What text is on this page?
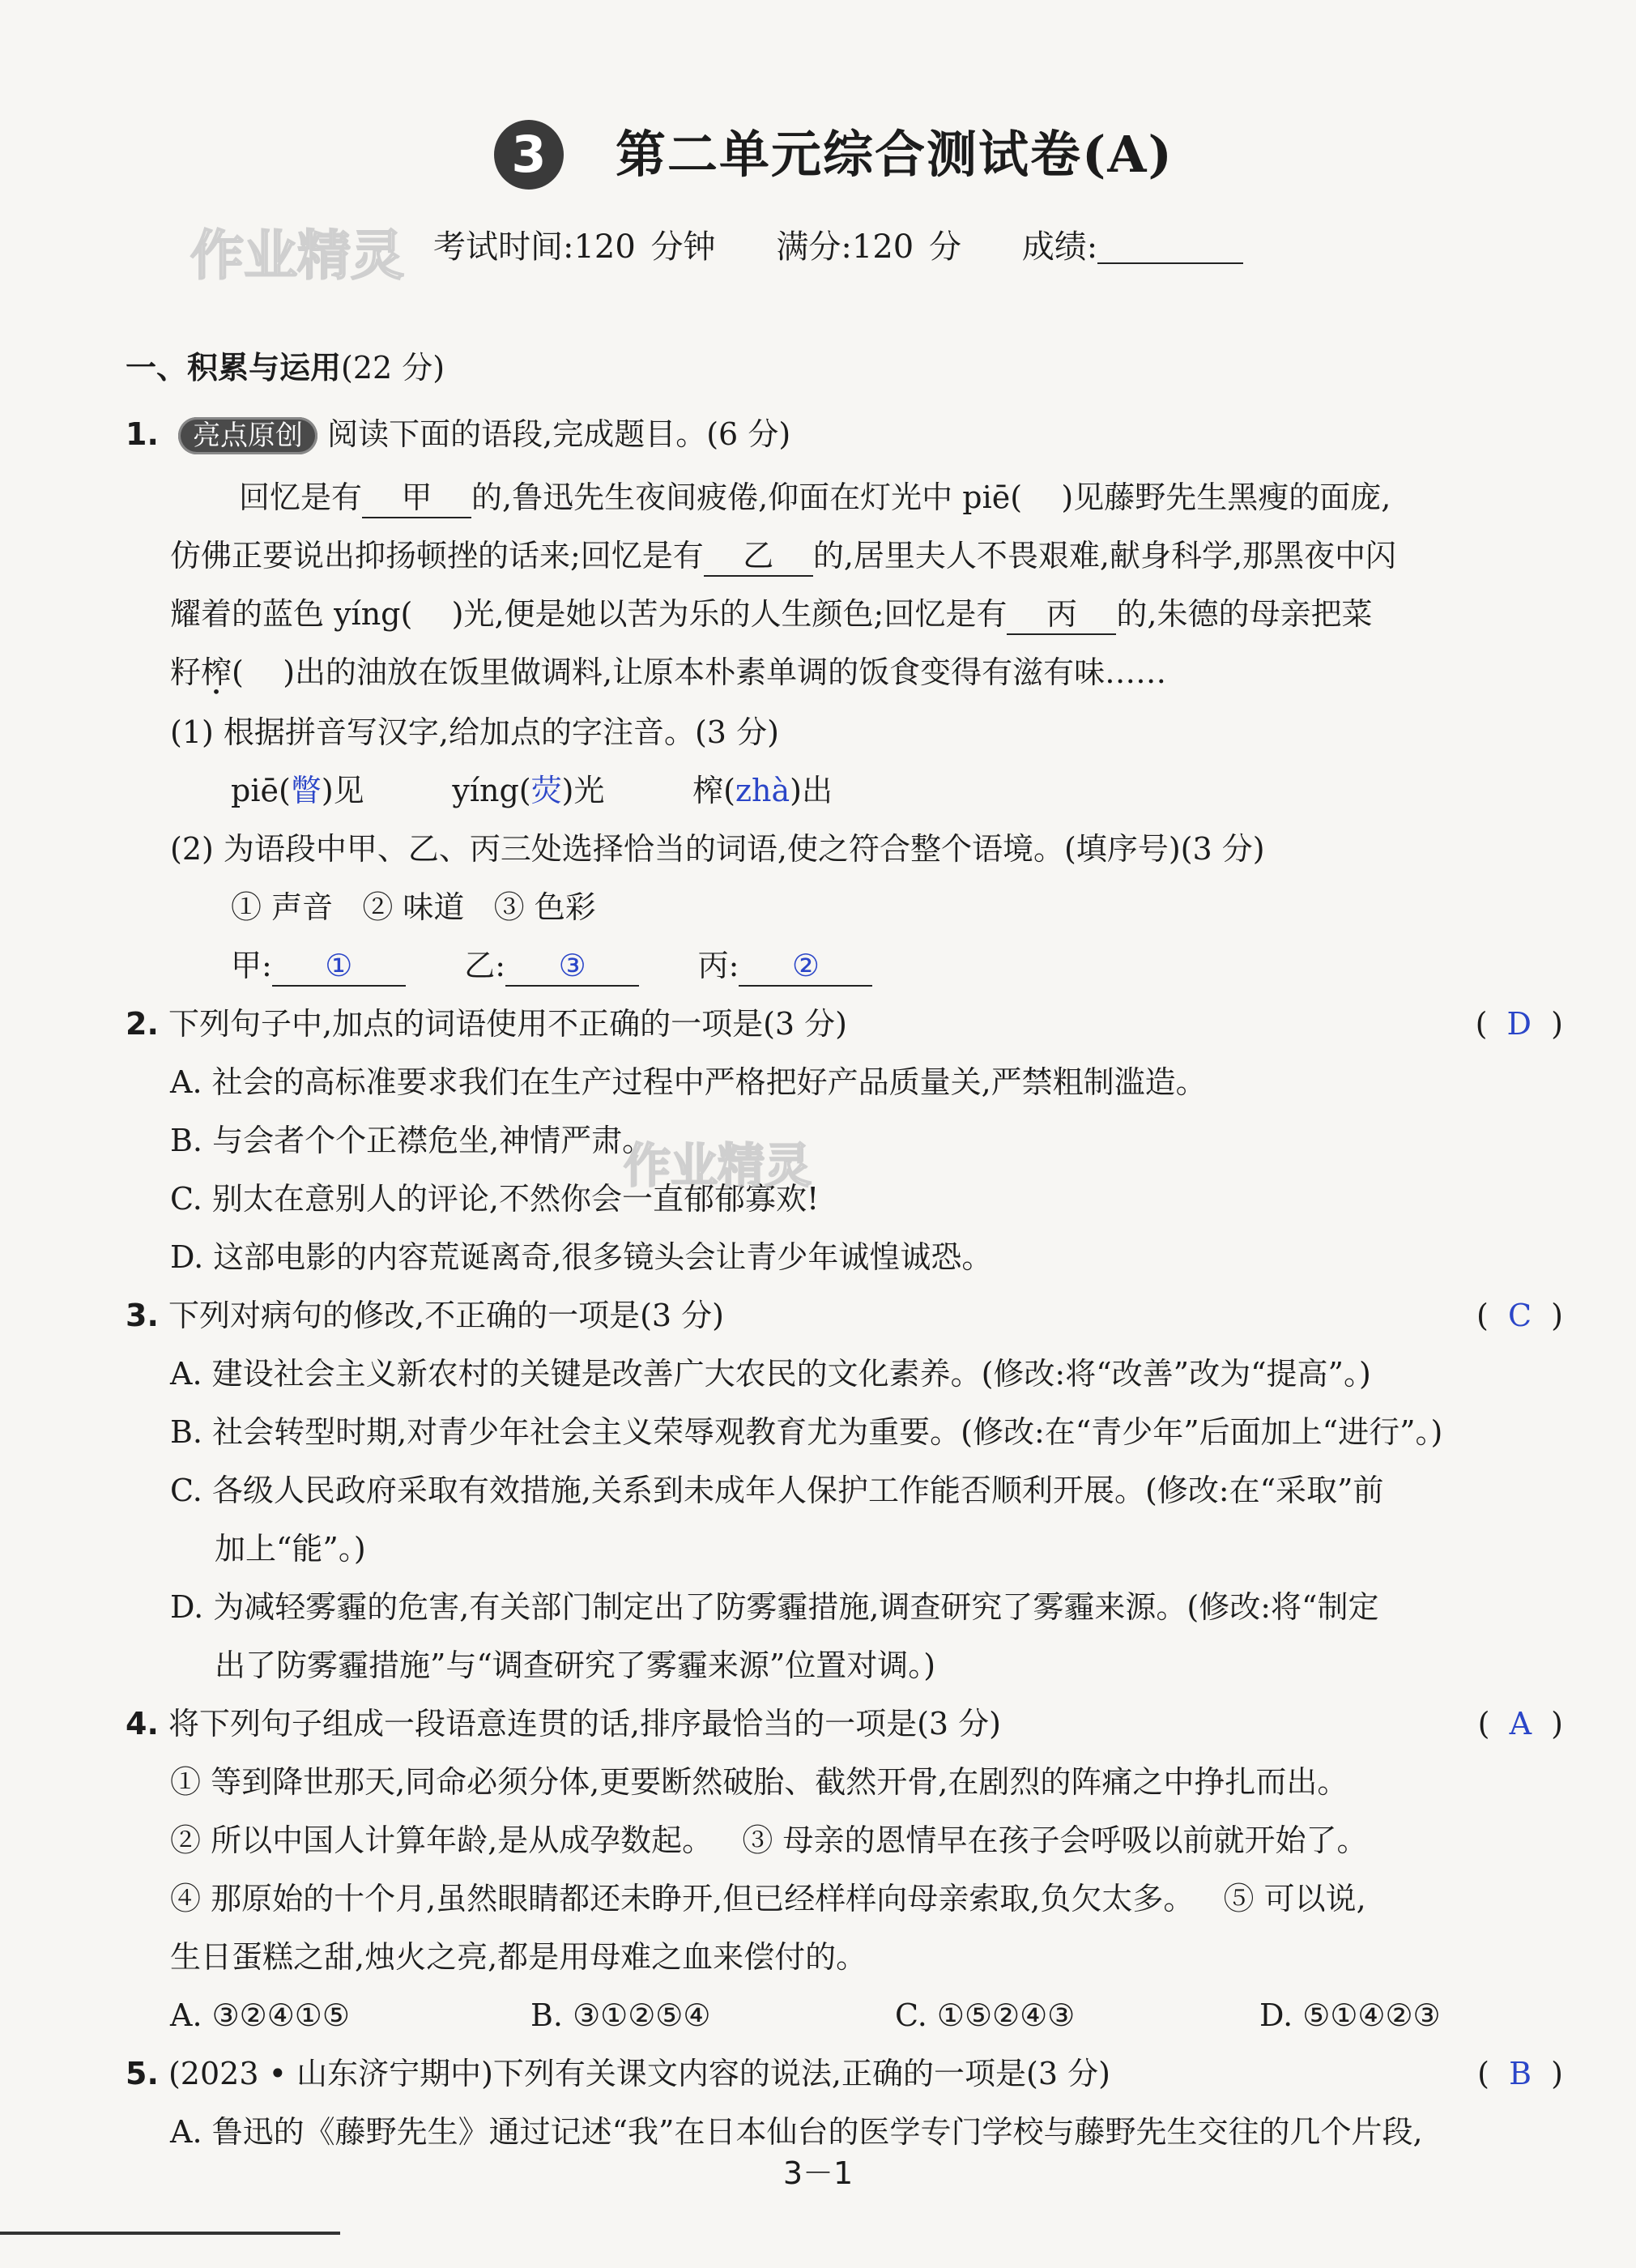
3	第二单元综合测试卷(A)
作业精灵 考试时间:120 分钟 满分:120 分 成绩:
一、积累与运用(22 分)
1. 亮点原创 阅读下面的语段,完成题目。(6 分)
回忆是有 甲 的,鲁迅先生夜间疲倦,仰面在灯光中 piē( )见藤野先生黑瘦的面庞,
仿佛正要说出抑扬顿挫的话来;回忆是有 乙 的,居里夫人不畏艰难,献身科学,那黑夜中闪
耀着的蓝色 yíng( )光,便是她以苦为乐的人生颜色;回忆是有 丙 的,朱德的母亲把菜
籽榨( )出的油放在饭里做调料,让原本朴素单调的饭食变得有滋有味……
(1) 根据拼音写汉字,给加点的字注音。(3 分)
piē(瞥)见	yíng(荧)光	榨(zhà)出
(2) 为语段中甲、乙、丙三处选择恰当的词语,使之符合整个语境。(填序号)(3 分)
① 声音   ② 味道   ③ 色彩
甲: ①	乙: ③	丙: ②
2. 下列句子中,加点的词语使用不正确的一项是(3 分)	(  D  )
A. 社会的高标准要求我们在生产过程中严格把好产品质量关,严禁粗制滥造。
B. 与会者个个正襟危坐,神情严肃。
C. 别太在意别人的评论,不然你会一直郁郁寡欢!
D. 这部电影的内容荒诞离奇,很多镜头会让青少年诚惶诚恐。
作业精灵
3. 下列对病句的修改,不正确的一项是(3 分)	(  C  )
A. 建设社会主义新农村的关键是改善广大农民的文化素养。(修改:将“改善”改为“提高”。)
B. 社会转型时期,对青少年社会主义荣辱观教育尤为重要。(修改:在“青少年”后面加上“进行”。)
C. 各级人民政府采取有效措施,关系到未成年人保护工作能否顺利开展。(修改:在“采取”前
加上“能”。)
D. 为减轻雾霾的危害,有关部门制定出了防雾霾措施,调查研究了雾霾来源。(修改:将“制定
出了防雾霾措施”与“调查研究了雾霾来源”位置对调。)
4. 将下列句子组成一段语意连贯的话,排序最恰当的一项是(3 分)	(  A  )
① 等到降世那天,同命必须分体,更要断然破胎、截然开骨,在剧烈的阵痛之中挣扎而出。
② 所以中国人计算年龄,是从成孕数起。   ③ 母亲的恩情早在孩子会呼吸以前就开始了。
④ 那原始的十个月,虽然眼睛都还未睁开,但已经样样向母亲索取,负欠太多。   ⑤ 可以说,
生日蛋糕之甜,烛火之亮,都是用母难之血来偿付的。
A. ③②④①⑤	B. ③①②⑤④	C. ①⑤②④③	D. ⑤①④②③
5. (2023 • 山东济宁期中)下列有关课文内容的说法,正确的一项是(3 分)	(  B  )
A. 鲁迅的《藤野先生》通过记述“我”在日本仙台的医学专门学校与藤野先生交往的几个片段,
3－1
